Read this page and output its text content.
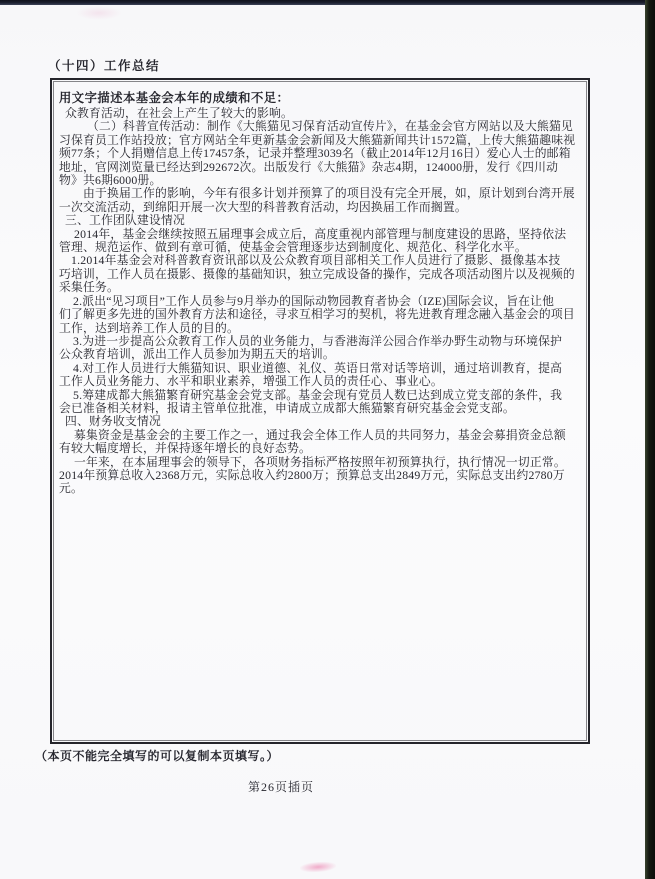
（十四）工作总结
用文字描述本基金会本年的成绩和不足：
众教育活动，在社会上产生了较大的影响。
（二）科普宣传活动：制作《大熊猫见习保育活动宣传片》，在基金会官方网站以及大熊猫见
习保育员工作站投放；官方网站全年更新基金会新闻及大熊猫新闻共计1572篇，上传大熊猫趣味视
频77条；个人捐赠信息上传17457条，记录并整理3039名（截止2014年12月16日）爱心人士的邮箱
地址，官网浏览量已经达到292672次。出版发行《大熊猫》杂志4期，124000册，发行《四川动
物》共6期6000册。
由于换届工作的影响，今年有很多计划并预算了的项目没有完全开展，如，原计划到台湾开展
一次交流活动，到绵阳开展一次大型的科普教育活动，均因换届工作而搁置。
三、工作团队建设情况
2014年，基金会继续按照五届理事会成立后，高度重视内部管理与制度建设的思路，坚持依法
管理、规范运作、做到有章可循，使基金会管理逐步达到制度化、规范化、科学化水平。
1.2014年基金会对科普教育资讯部以及公众教育项目部相关工作人员进行了摄影、摄像基本技
巧培训，工作人员在摄影、摄像的基础知识，独立完成设备的操作，完成各项活动图片以及视频的
采集任务。
2.派出“见习项目”工作人员参与9月举办的国际动物园教育者协会（IZE)国际会议，旨在让他
们了解更多先进的国外教育方法和途径，寻求互相学习的契机，将先进教育理念融入基金会的项目
工作，达到培养工作人员的目的。
3.为进一步提高公众教育工作人员的业务能力，与香港海洋公园合作举办野生动物与环境保护
公众教育培训，派出工作人员参加为期五天的培训。
4.对工作人员进行大熊猫知识、职业道德、礼仪、英语日常对话等培训，通过培训教育，提高
工作人员业务能力、水平和职业素养，增强工作人员的责任心、事业心。
5.筹建成都大熊猫繁育研究基金会党支部。基金会现有党员人数已达到成立党支部的条件，我
会已准备相关材料，报请主管单位批准，申请成立成都大熊猫繁育研究基金会党支部。
四、财务收支情况
募集资金是基金会的主要工作之一，通过我会全体工作人员的共同努力，基金会募捐资金总额
有较大幅度增长，并保持逐年增长的良好态势。
一年来，在本届理事会的领导下，各项财务指标严格按照年初预算执行，执行情况一切正常。
2014年预算总收入2368万元，实际总收入约2800万；预算总支出2849万元，实际总支出约2780万
元。
（本页不能完全填写的可以复制本页填写。）
第26页插页
